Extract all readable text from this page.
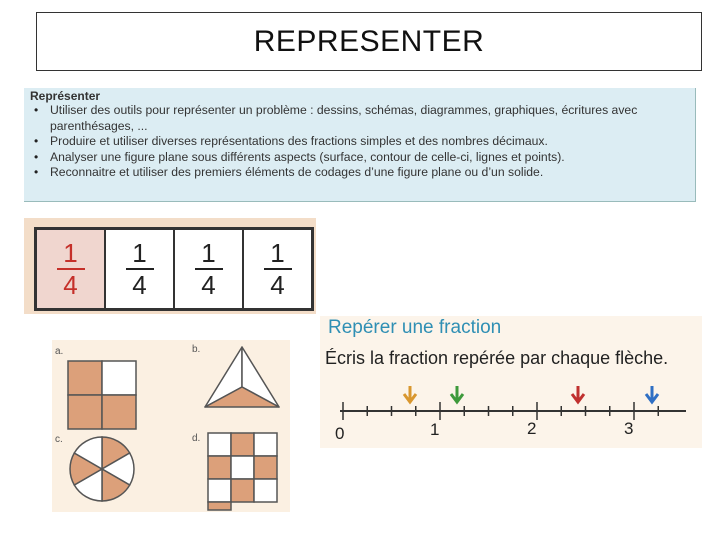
REPRESENTER
Représenter
• Utiliser des outils pour représenter un problème : dessins, schémas, diagrammes, graphiques, écritures avec parenthésages, ...
• Produire et utiliser diverses représentations des fractions simples et des nombres décimaux.
• Analyser une figure plane sous différents aspects (surface, contour de celle-ci, lignes et points).
• Reconnaitre et utiliser des premiers éléments de codages d’une figure plane ou d’un solide.
$\frac{1}{4} \frac{1}{4} \frac{1}{4} \frac{1}{4}$
a.	b.
c.	d.
Repérer une fraction
Écris la fraction repérée par chaque flèche.
0	1	2	3
